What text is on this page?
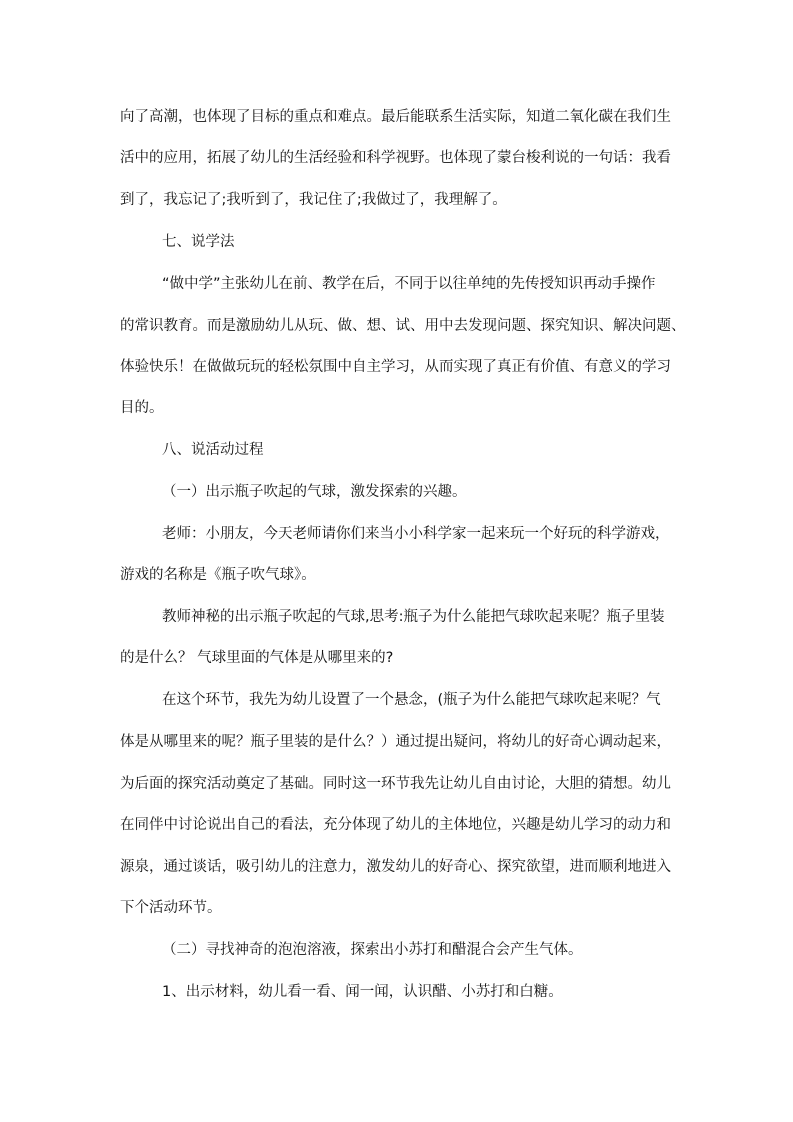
向了高潮，也体现了目标的重点和难点。最后能联系生活实际，知道二氧化碳在我们生
活中的应用，拓展了幼儿的生活经验和科学视野。也体现了蒙台梭利说的一句话：我看
到了，我忘记了;我听到了，我记住了;我做过了，我理解了。
七、说学法
“做中学”主张幼儿在前、教学在后，不同于以往单纯的先传授知识再动手操作
的常识教育。而是激励幼儿从玩、做、想、试、用中去发现问题、探究知识、解决问题、
体验快乐！在做做玩玩的轻松氛围中自主学习，从而实现了真正有价值、有意义的学习
目的。
八、说活动过程
（一）出示瓶子吹起的气球，激发探索的兴趣。
老师：小朋友，今天老师请你们来当小小科学家一起来玩一个好玩的科学游戏，
游戏的名称是《瓶子吹气球》。
教师神秘的出示瓶子吹起的气球,思考:瓶子为什么能把气球吹起来呢？瓶子里装
的是什么？ 气球里面的气体是从哪里来的?
在这个环节，我先为幼儿设置了一个悬念，(瓶子为什么能把气球吹起来呢？气
体是从哪里来的呢？瓶子里装的是什么？）通过提出疑问，将幼儿的好奇心调动起来，
为后面的探究活动奠定了基础。同时这一环节我先让幼儿自由讨论，大胆的猜想。幼儿
在同伴中讨论说出自己的看法，充分体现了幼儿的主体地位，兴趣是幼儿学习的动力和
源泉，通过谈话，吸引幼儿的注意力，激发幼儿的好奇心、探究欲望，进而顺利地进入
下个活动环节。
（二）寻找神奇的泡泡溶液，探索出小苏打和醋混合会产生气体。
1、出示材料，幼儿看一看、闻一闻，认识醋、小苏打和白糖。
